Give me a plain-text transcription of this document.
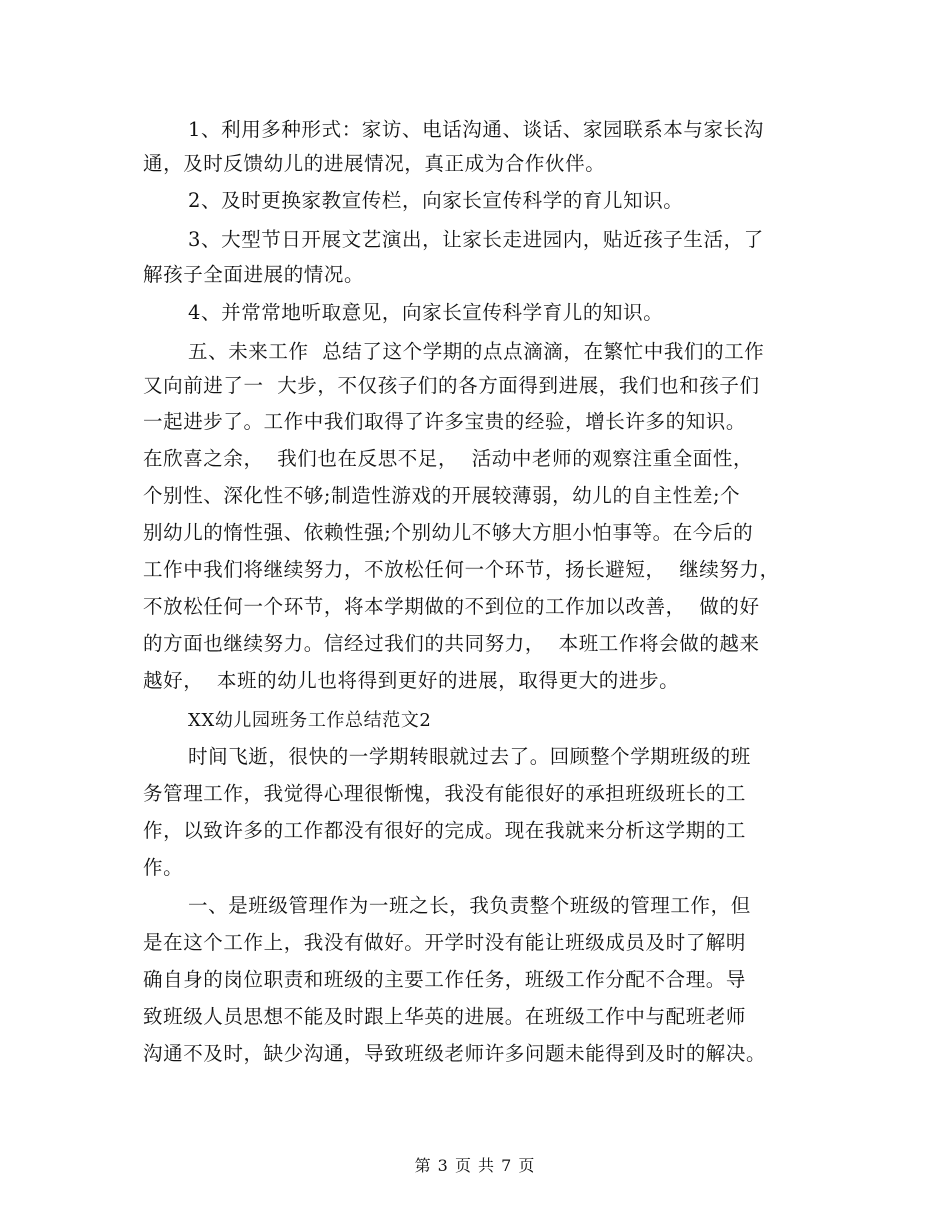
1、利用多种形式：家访、电话沟通、谈话、家园联系本与家长沟
通，及时反馈幼儿的进展情况，真正成为合作伙伴。
2、及时更换家教宣传栏，向家长宣传科学的育儿知识。
3、大型节日开展文艺演出，让家长走进园内，贴近孩子生活，了
解孩子全面进展的情况。
4、并常常地听取意见，向家长宣传科学育儿的知识。
五、未来工作  总结了这个学期的点点滴滴，在繁忙中我们的工作
又向前进了一  大步，不仅孩子们的各方面得到进展，我们也和孩子们
一起进步了。工作中我们取得了许多宝贵的经验，增长许多的知识。
在欣喜之余，  我们也在反思不足，  活动中老师的观察注重全面性，
个别性、深化性不够;制造性游戏的开展较薄弱，幼儿的自主性差;个
别幼儿的惰性强、依赖性强;个别幼儿不够大方胆小怕事等。在今后的
工作中我们将继续努力，不放松任何一个环节，扬长避短，  继续努力，
不放松任何一个环节，将本学期做的不到位的工作加以改善，  做的好
的方面也继续努力。信经过我们的共同努力，  本班工作将会做的越来
越好，  本班的幼儿也将得到更好的进展，取得更大的进步。
XX幼儿园班务工作总结范文2
时间飞逝，很快的一学期转眼就过去了。回顾整个学期班级的班
务管理工作，我觉得心理很惭愧，我没有能很好的承担班级班长的工
作，以致许多的工作都没有很好的完成。现在我就来分析这学期的工
作。
一、是班级管理作为一班之长，我负责整个班级的管理工作，但
是在这个工作上，我没有做好。开学时没有能让班级成员及时了解明
确自身的岗位职责和班级的主要工作任务，班级工作分配不合理。导
致班级人员思想不能及时跟上华英的进展。在班级工作中与配班老师
沟通不及时，缺少沟通，导致班级老师许多问题未能得到及时的解决。
第 3 页 共 7 页
